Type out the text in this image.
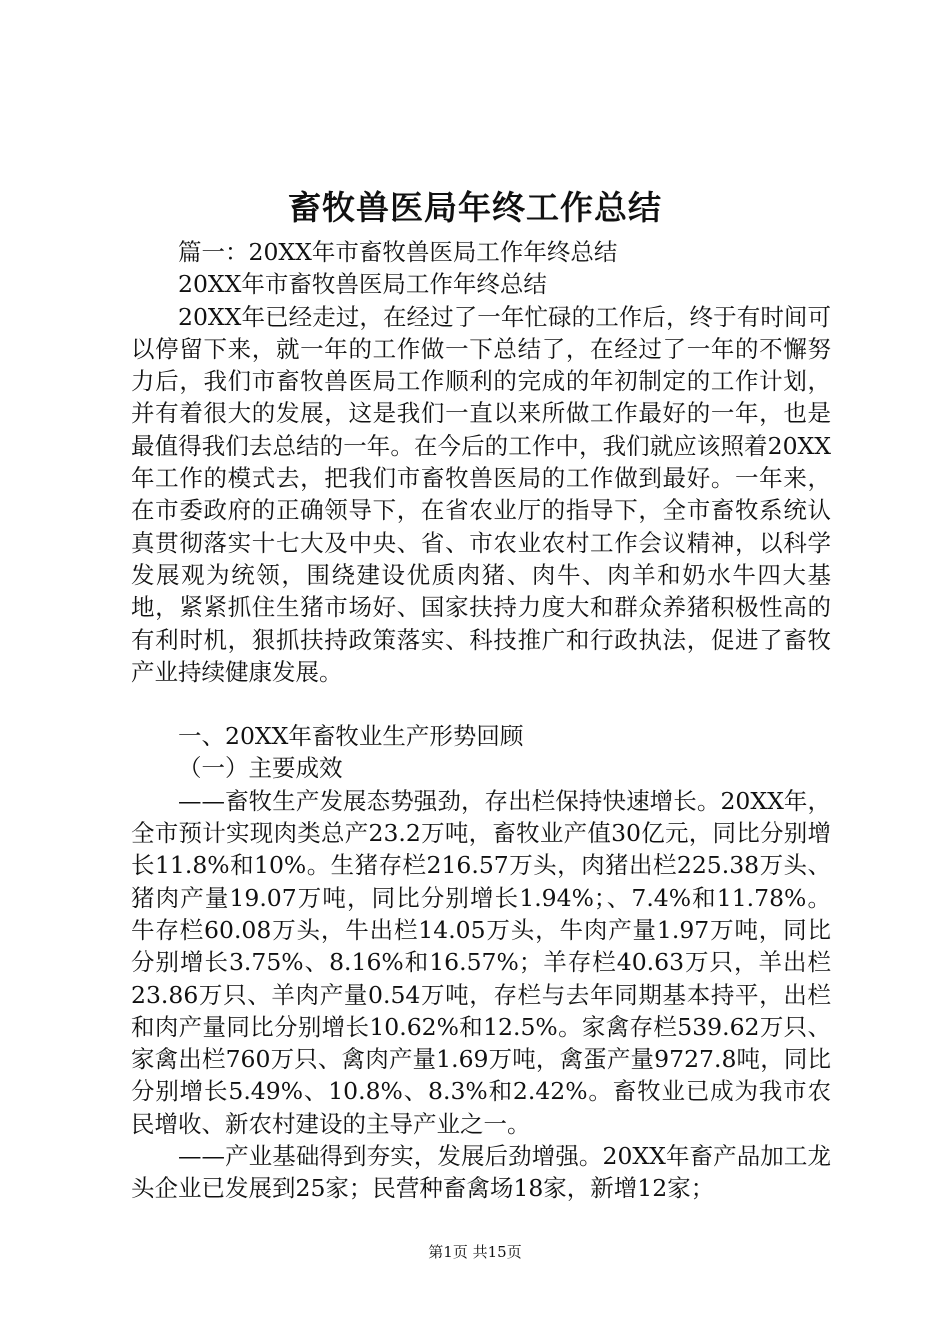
畜牧兽医局年终工作总结

篇一：20XX年市畜牧兽医局工作年终总结

20XX年市畜牧兽医局工作年终总结

20XX年已经走过，在经过了一年忙碌的工作后，终于有时间可以停留下来，就一年的工作做一下总结了，在经过了一年的不懈努力后，我们市畜牧兽医局工作顺利的完成的年初制定的工作计划，并有着很大的发展，这是我们一直以来所做工作最好的一年，也是最值得我们去总结的一年。在今后的工作中，我们就应该照着20XX年工作的模式去，把我们市畜牧兽医局的工作做到最好。一年来，在市委政府的正确领导下，在省农业厅的指导下，全市畜牧系统认真贯彻落实十七大及中央、省、市农业农村工作会议精神，以科学发展观为统领，围绕建设优质肉猪、肉牛、肉羊和奶水牛四大基地，紧紧抓住生猪市场好、国家扶持力度大和群众养猪积极性高的有利时机，狠抓扶持政策落实、科技推广和行政执法，促进了畜牧产业持续健康发展。

一、20XX年畜牧业生产形势回顾

（一）主要成效

——畜牧生产发展态势强劲，存出栏保持快速增长。20XX年，全市预计实现肉类总产23.2万吨，畜牧业产值30亿元，同比分别增长11.8%和10%。生猪存栏216.57万头，肉猪出栏225.38万头、猪肉产量19.07万吨，同比分别增长1.94%；、7.4%和11.78%。牛存栏60.08万头，牛出栏14.05万头，牛肉产量1.97万吨，同比分别增长3.75%、8.16%和16.57%；羊存栏40.63万只，羊出栏23.86万只、羊肉产量0.54万吨，存栏与去年同期基本持平，出栏和肉产量同比分别增长10.62%和12.5%。家禽存栏539.62万只、家禽出栏760万只、禽肉产量1.69万吨，禽蛋产量9727.8吨，同比分别增长5.49%、10.8%、8.3%和2.42%。畜牧业已成为我市农民增收、新农村建设的主导产业之一。

——产业基础得到夯实，发展后劲增强。20XX年畜产品加工龙头企业已发展到25家；民营种畜禽场18家，新增12家；

第1页 共15页
